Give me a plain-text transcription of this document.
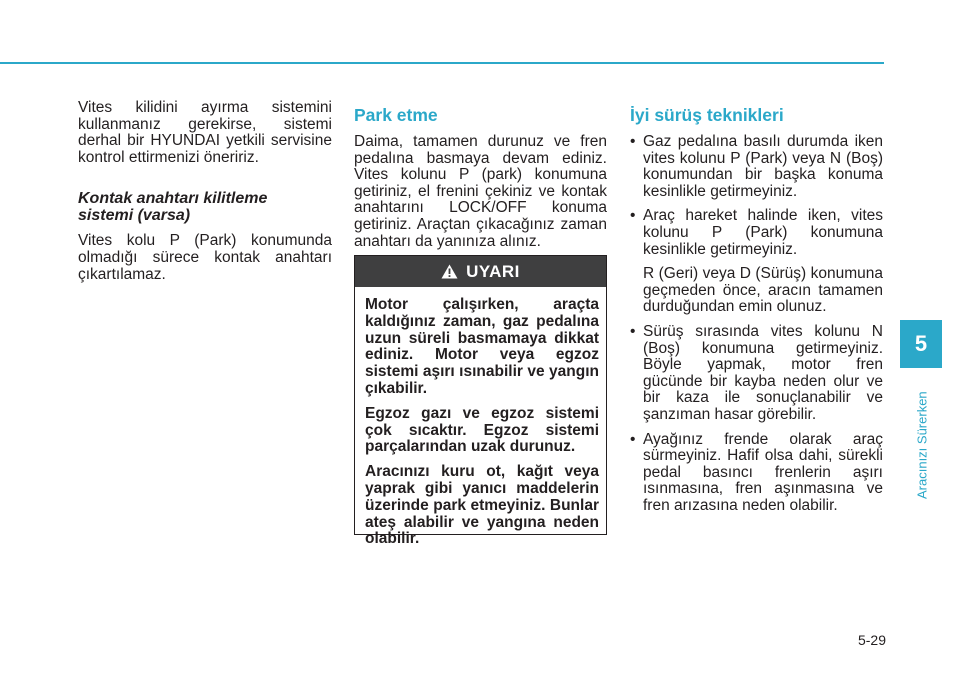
Vites kilidini ayırma sistemini kullanmanız gerekirse, sistemi derhal bir HYUNDAI yetkili servisine kontrol ettirmenizi öneririz.

Kontak anahtarı kilitleme
sistemi (varsa)

Vites kolu P (Park) konumunda olmadığı sürece kontak anahtarı çıkartılamaz.

Park etme

Daima, tamamen durunuz ve fren pedalına basmaya devam ediniz. Vites kolunu P (park) konumuna getiriniz, el frenini çekiniz ve kontak anahtarını LOCK/OFF konuma getiriniz. Araçtan çıkacağınız zaman anahtarı da yanınıza alınız.

UYARI

Motor çalışırken, araçta kaldığınız zaman, gaz pedalına uzun süreli basmamaya dikkat ediniz. Motor veya egzoz sistemi aşırı ısınabilir ve yangın çıkabilir.

Egzoz gazı ve egzoz sistemi çok sıcaktır. Egzoz sistemi parçalarından uzak durunuz.

Aracınızı kuru ot, kağıt veya yaprak gibi yanıcı maddelerin üzerinde park etmeyiniz. Bunlar ateş alabilir ve yangına neden olabilir.

İyi sürüş teknikleri
• Gaz pedalına basılı durumda iken vites kolunu P (Park) veya N (Boş) konumundan bir başka konuma kesinlikle getirmeyiniz.
• Araç hareket halinde iken, vites kolunu P (Park) konumuna kesinlikle getirmeyiniz.

R (Geri) veya D (Sürüş) konumuna geçmeden önce, aracın tamamen durduğundan emin olunuz.

• Sürüş sırasında vites kolunu N (Boş) konumuna getirmeyiniz. Böyle yapmak, motor fren gücünde bir kayba neden olur ve bir kaza ile sonuçlanabilir ve şanzıman hasar görebilir.
• Ayağınız frende olarak araç sürmeyiniz. Hafif olsa dahi, sürekli pedal basıncı frenlerin aşırı ısınmasına, fren aşınmasına ve fren arızasına neden olabilir.
5
Aracınızı Sürerken
5-29
